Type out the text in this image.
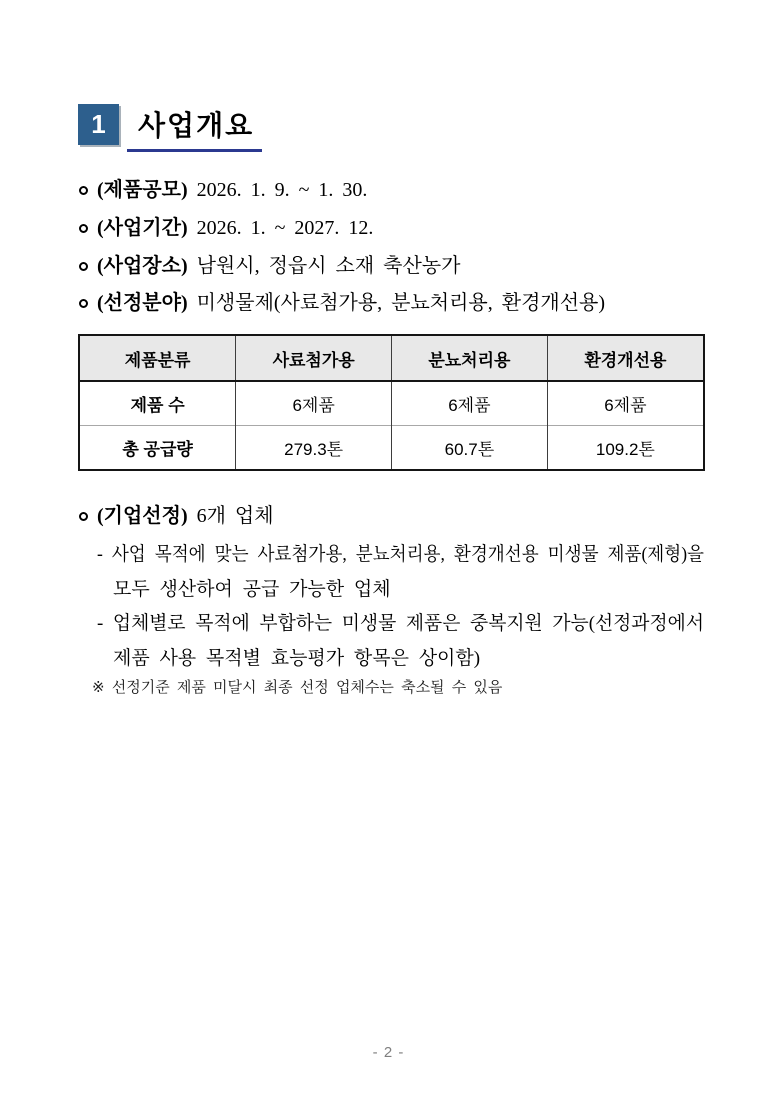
1	사업개요
(제품공모) 2026. 1. 9. ~ 1. 30.
(사업기간) 2026. 1. ~ 2027. 12.
(사업장소) 남원시, 정읍시 소재 축산농가
(선정분야) 미생물제(사료첨가용, 분뇨처리용, 환경개선용)
제품분류	사료첨가용	분뇨처리용	환경개선용
제품 수	6제품	6제품	6제품
총 공급량	279.3톤	60.7톤	109.2톤
(기업선정) 6개 업체
- 사업 목적에 맞는 사료첨가용, 분뇨처리용, 환경개선용 미생물 제품(제형)을
모두 생산하여 공급 가능한 업체
- 업체별로 목적에 부합하는 미생물 제품은 중복지원 가능(선정과정에서
제품 사용 목적별 효능평가 항목은 상이함)
※ 선정기준 제품 미달시 최종 선정 업체수는 축소될 수 있음
- 2 -
